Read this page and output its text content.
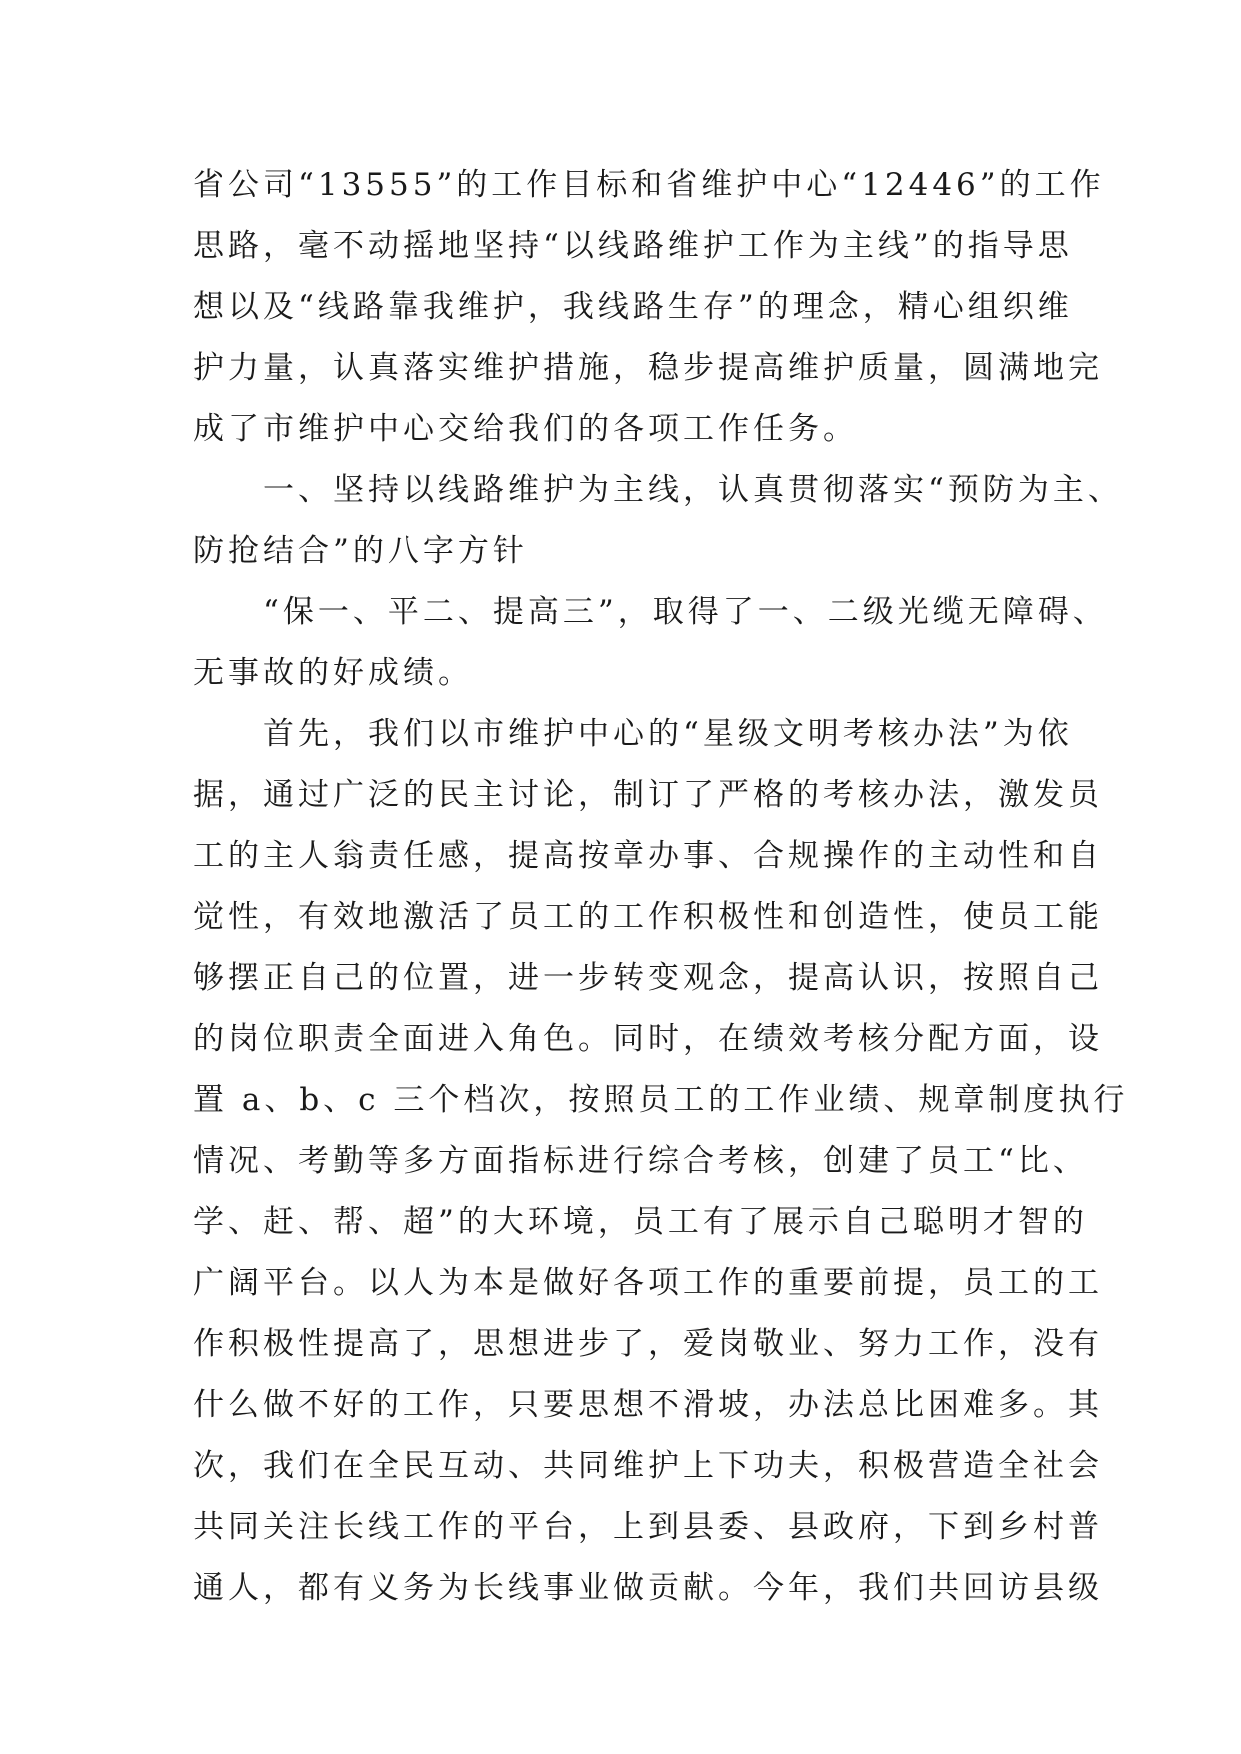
省公司“13555”的工作目标和省维护中心“12446”的工作
思路，毫不动摇地坚持“以线路维护工作为主线”的指导思
想以及“线路靠我维护，我线路生存”的理念，精心组织维
护力量，认真落实维护措施，稳步提高维护质量，圆满地完
成了市维护中心交给我们的各项工作任务。
　　一、坚持以线路维护为主线，认真贯彻落实“预防为主、
防抢结合”的八字方针
　　“保一、平二、提高三”，取得了一、二级光缆无障碍、
无事故的好成绩。
　　首先，我们以市维护中心的“星级文明考核办法”为依
据，通过广泛的民主讨论，制订了严格的考核办法，激发员
工的主人翁责任感，提高按章办事、合规操作的主动性和自
觉性，有效地激活了员工的工作积极性和创造性，使员工能
够摆正自己的位置，进一步转变观念，提高认识，按照自己
的岗位职责全面进入角色。同时，在绩效考核分配方面，设
置 a、b、c 三个档次，按照员工的工作业绩、规章制度执行
情况、考勤等多方面指标进行综合考核，创建了员工“比、
学、赶、帮、超”的大环境，员工有了展示自己聪明才智的
广阔平台。以人为本是做好各项工作的重要前提，员工的工
作积极性提高了，思想进步了，爱岗敬业、努力工作，没有
什么做不好的工作，只要思想不滑坡，办法总比困难多。其
次，我们在全民互动、共同维护上下功夫，积极营造全社会
共同关注长线工作的平台，上到县委、县政府，下到乡村普
通人，都有义务为长线事业做贡献。今年，我们共回访县级
